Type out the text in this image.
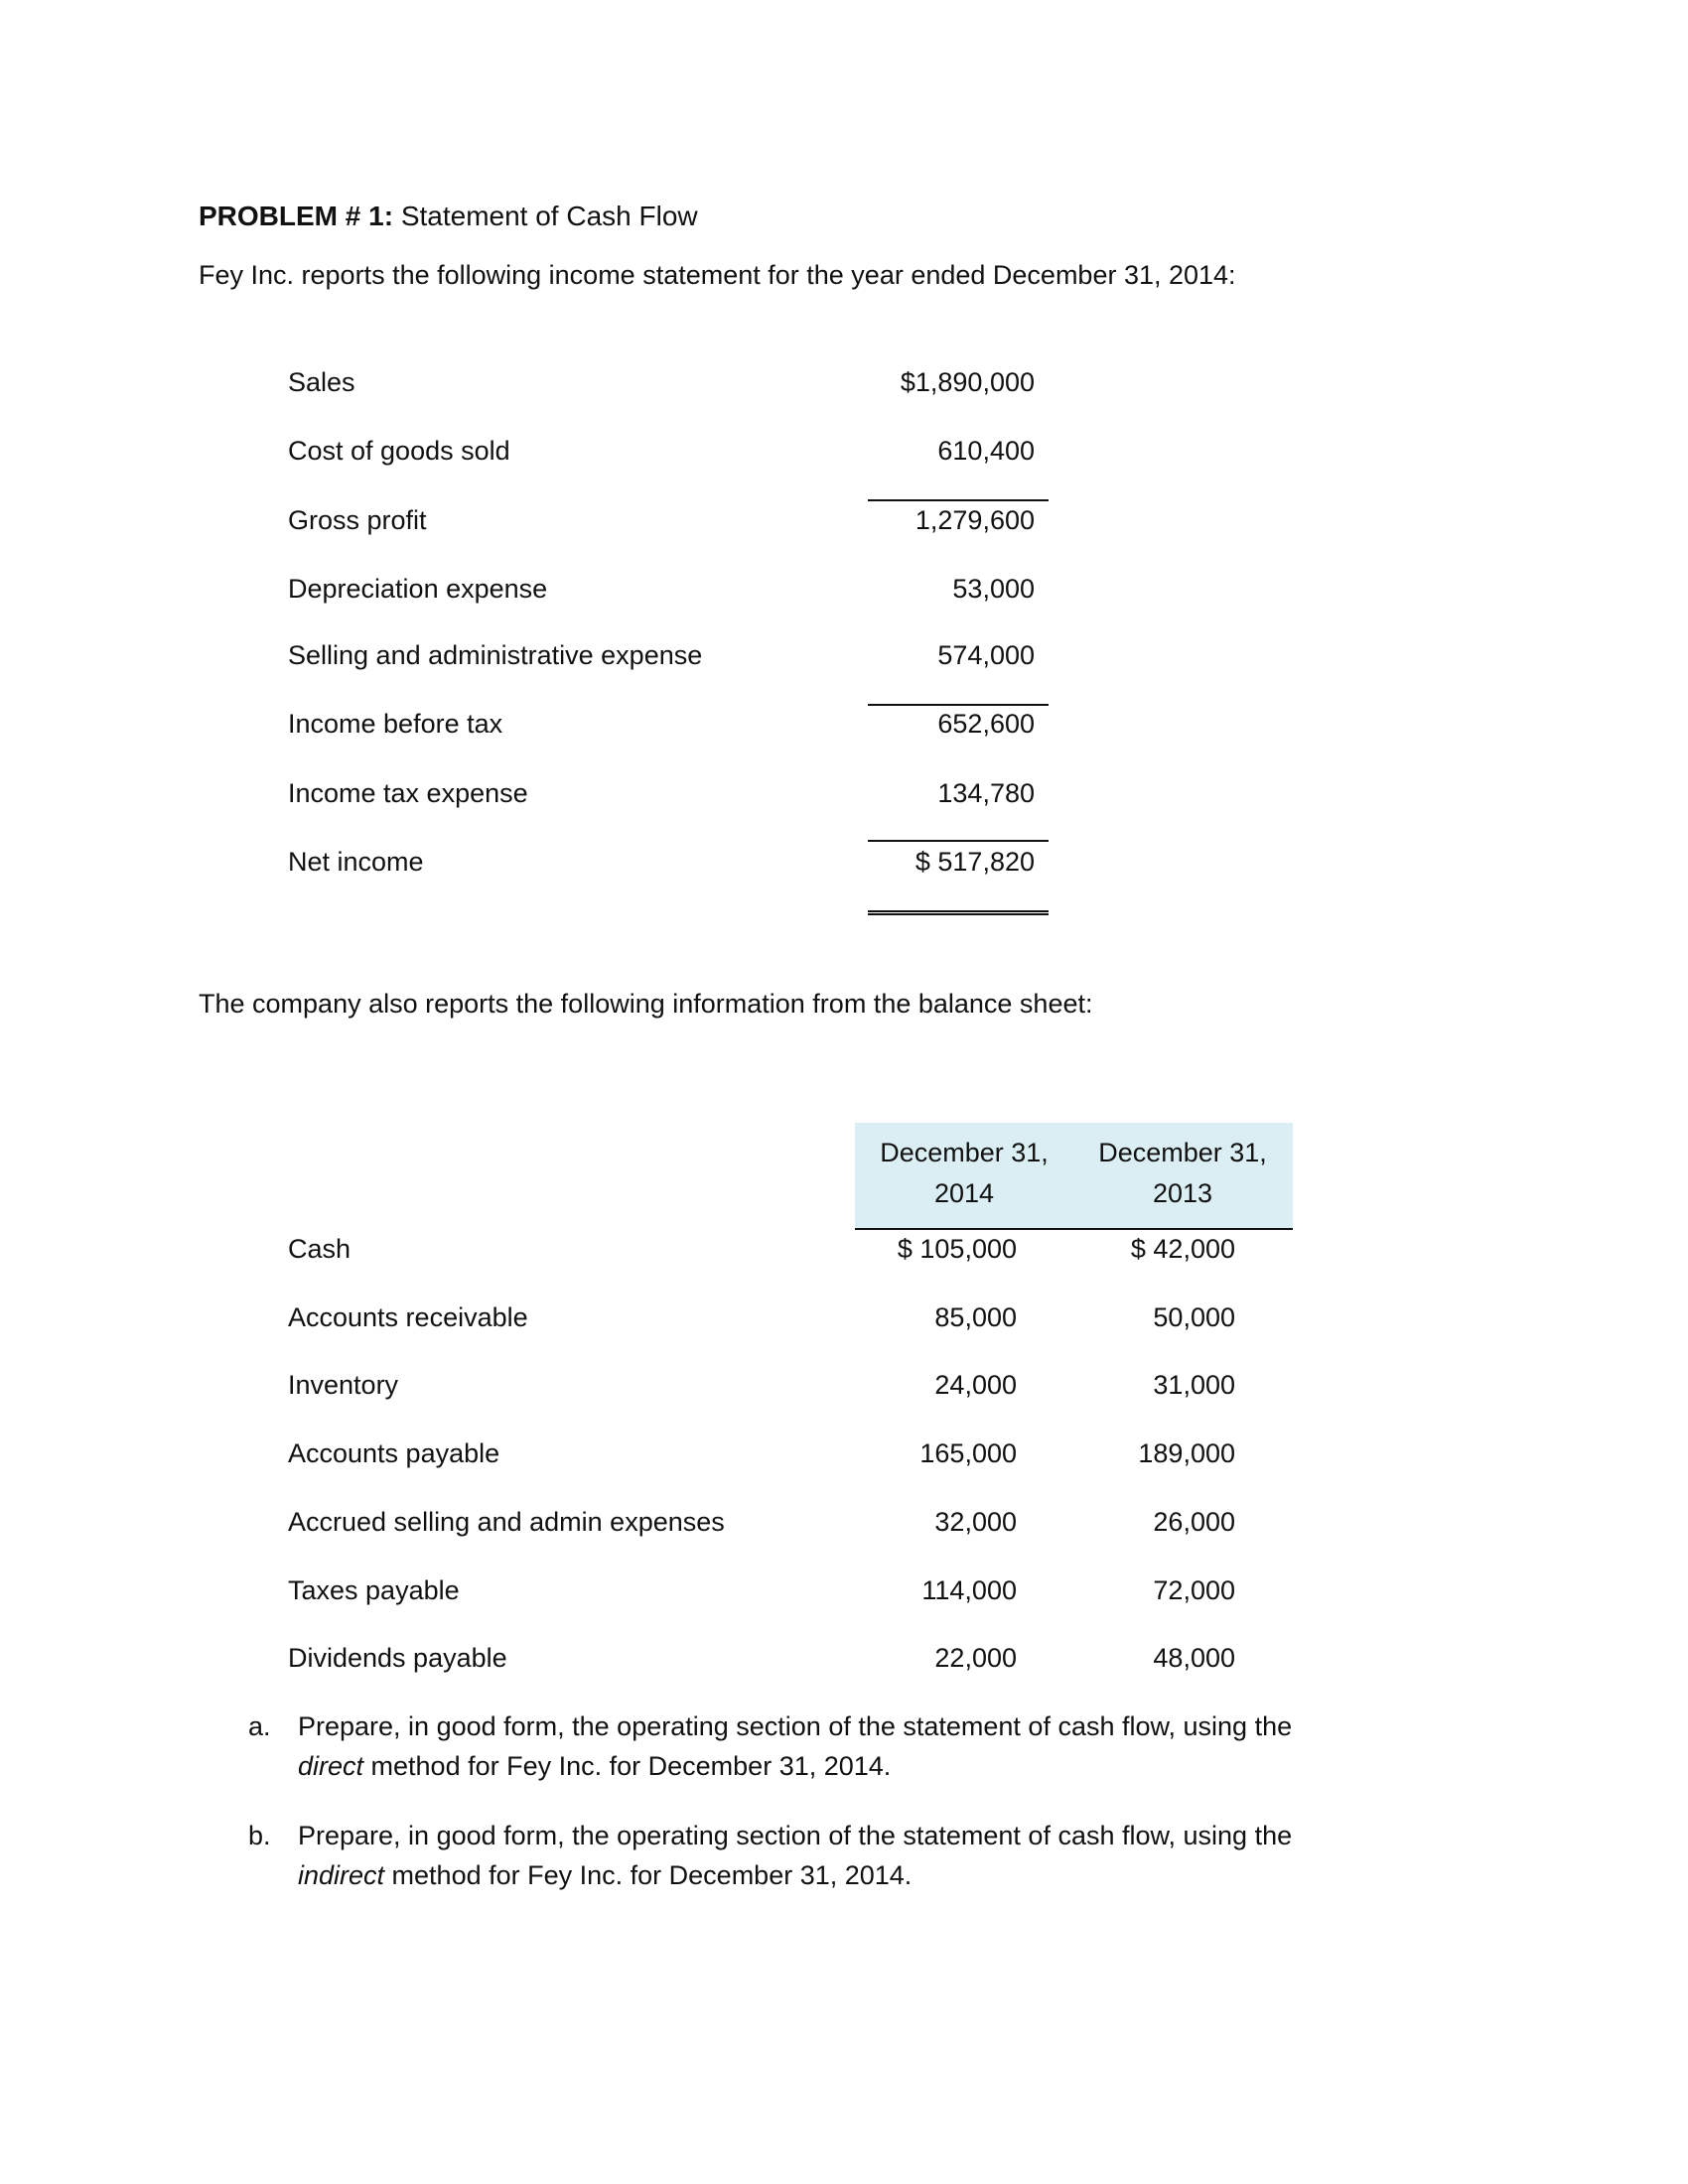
PROBLEM # 1: Statement of Cash Flow
Fey Inc. reports the following income statement for the year ended December 31, 2014:
Sales	$1,890,000
Cost of goods sold	610,400
Gross profit	1,279,600
Depreciation expense	53,000
Selling and administrative expense	574,000
Income before tax	652,600
Income tax expense	134,780
Net income	$ 517,820
The company also reports the following information from the balance sheet:
December 31,
2014
December 31,
2013
Cash	$ 105,000	$ 42,000
Accounts receivable	85,000	50,000
Inventory	24,000	31,000
Accounts payable	165,000	189,000
Accrued selling and admin expenses	32,000	26,000
Taxes payable	114,000	72,000
Dividends payable	22,000	48,000
a. Prepare, in good form, the operating section of the statement of cash flow, using the
direct method for Fey Inc. for December 31, 2014.
b. Prepare, in good form, the operating section of the statement of cash flow, using the
indirect method for Fey Inc. for December 31, 2014.
